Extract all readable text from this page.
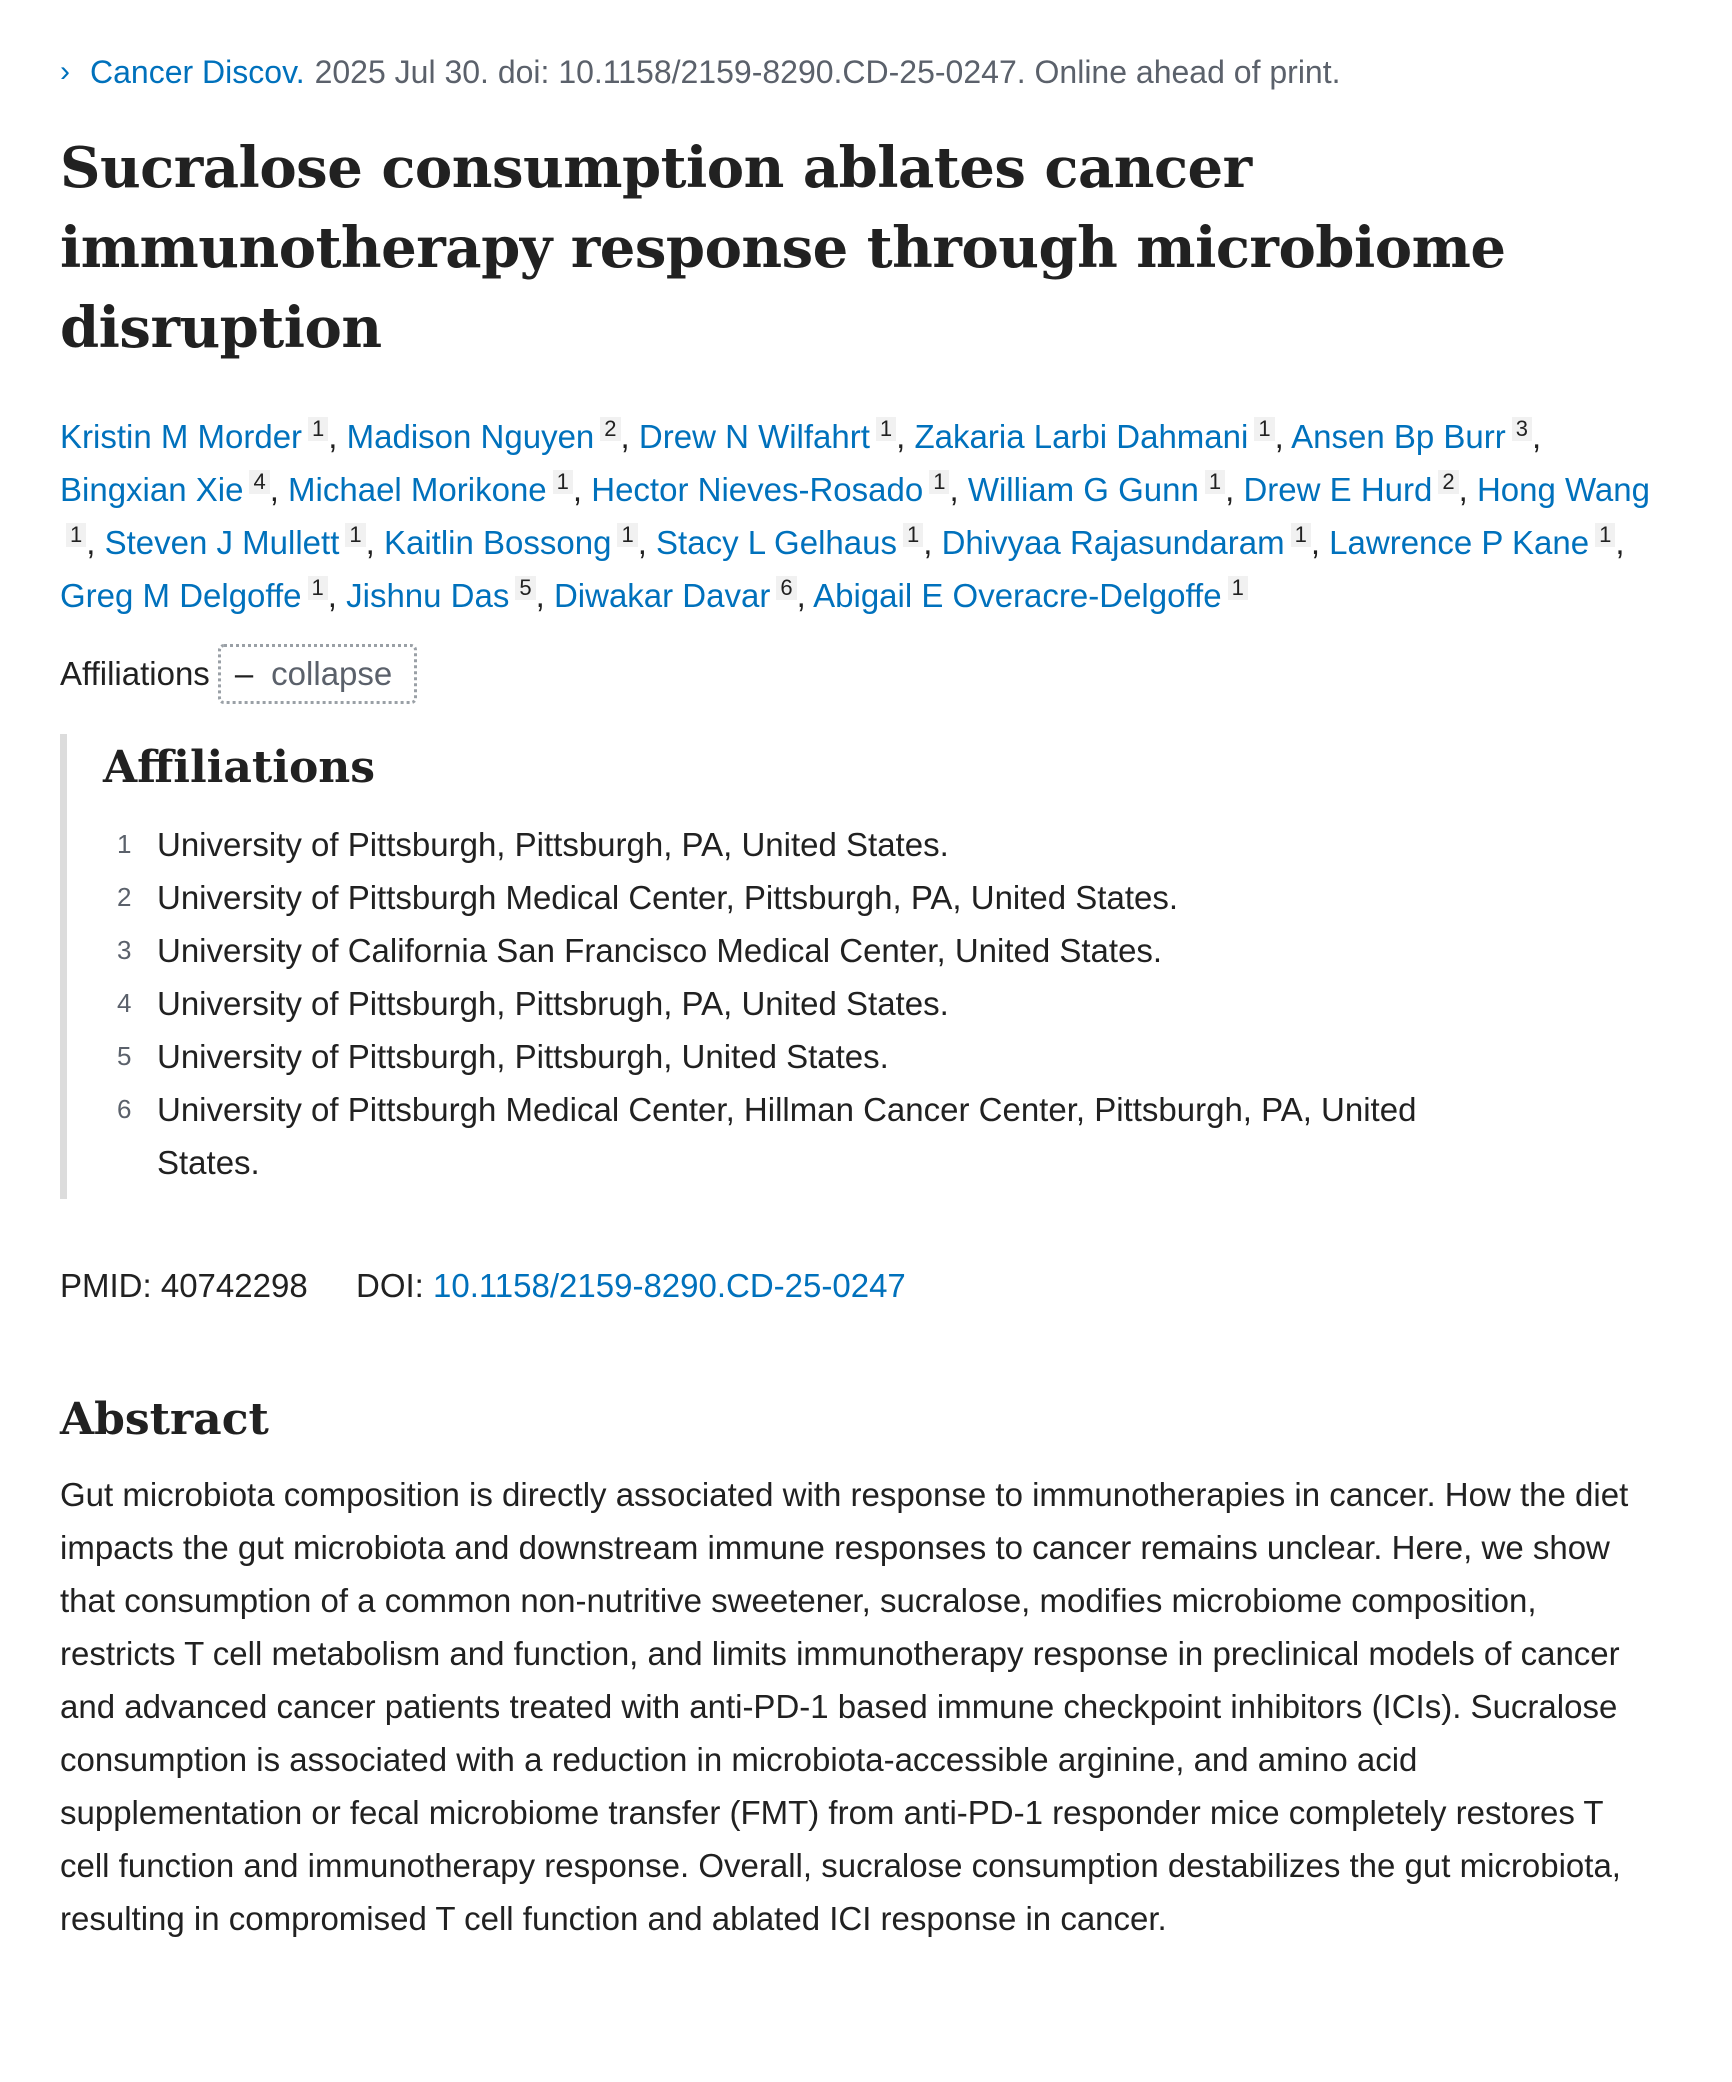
› Cancer Discov. 2025 Jul 30. doi: 10.1158/2159-8290.CD-25-0247. Online ahead of print.
Sucralose consumption ablates cancer immunotherapy response through microbiome disruption
Kristin M Morder 1 , Madison Nguyen 2 , Drew N Wilfahrt 1 , Zakaria Larbi Dahmani 1 , Ansen Bp Burr 3 , Bingxian Xie 4 , Michael Morikone 1 , Hector Nieves-Rosado 1 , William G Gunn 1 , Drew E Hurd 2 , Hong Wang1 , Steven J Mullett 1 , Kaitlin Bossong 1 , Stacy L Gelhaus 1 , Dhivyaa Rajasundaram 1 , Lawrence P Kane 1 , Greg M Delgoffe 1 , Jishnu Das 5 , Diwakar Davar 6 , Abigail E Overacre-Delgoffe 1
Affiliations – collapse
Affiliations
1 University of Pittsburgh, Pittsburgh, PA, United States.
2 University of Pittsburgh Medical Center, Pittsburgh, PA, United States.
3 University of California San Francisco Medical Center, United States.
4 University of Pittsburgh, Pittsbrugh, PA, United States.
5 University of Pittsburgh, Pittsburgh, United States.
6 University of Pittsburgh Medical Center, Hillman Cancer Center, Pittsburgh, PA, United States.
PMID: 40742298 DOI: 10.1158/2159-8290.CD-25-0247
Abstract

Gut microbiota composition is directly associated with response to immunotherapies in cancer. How the diet impacts the gut microbiota and downstream immune responses to cancer remains unclear. Here, we show that consumption of a common non-nutritive sweetener, sucralose, modifies microbiome composition, restricts T cell metabolism and function, and limits immunotherapy response in preclinical models of cancer and advanced cancer patients treated with anti-PD-1 based immune checkpoint inhibitors (ICIs). Sucralose consumption is associated with a reduction in microbiota-accessible arginine, and amino acid supplementation or fecal microbiome transfer (FMT) from anti-PD-1 responder mice completely restores T cell function and immunotherapy response. Overall, sucralose consumption destabilizes the gut microbiota, resulting in compromised T cell function and ablated ICI response in cancer.
